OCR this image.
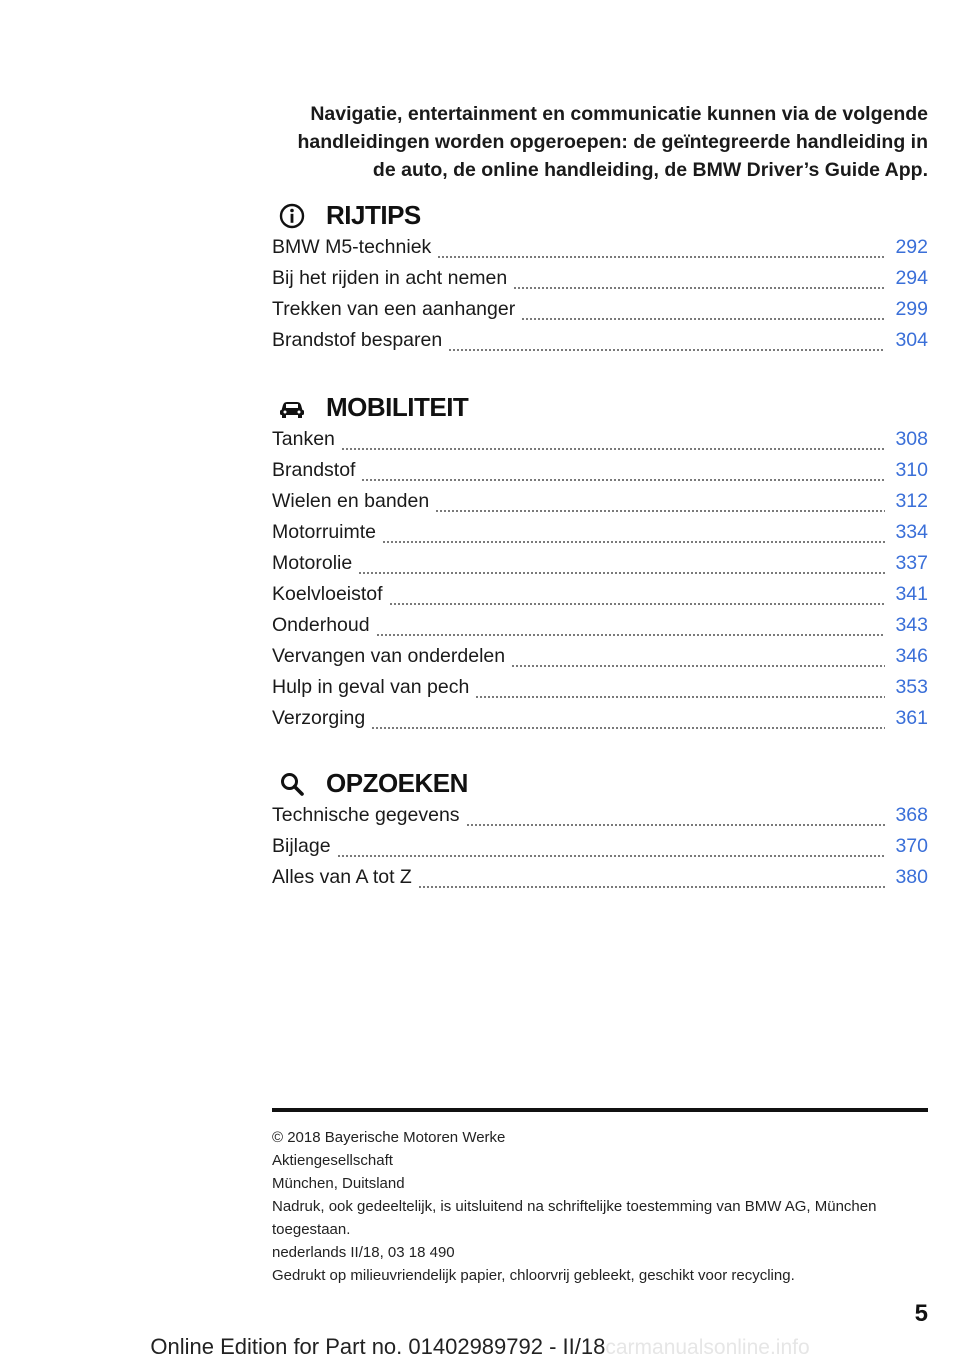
Navigatie, entertainment en communicatie kunnen via de volgende
handleidingen worden opgeroepen: de geïntegreerde handleiding in
de auto, de online handleiding, de BMW Driver’s Guide App.
RIJTIPS
BMW M5-techniek	292
Bij het rijden in acht nemen	294
Trekken van een aanhanger	299
Brandstof besparen	304
MOBILITEIT
Tanken	308
Brandstof	310
Wielen en banden	312
Motorruimte	334
Motorolie	337
Koelvloeistof	341
Onderhoud	343
Vervangen van onderdelen	346
Hulp in geval van pech	353
Verzorging	361
OPZOEKEN
Technische gegevens	368
Bijlage	370
Alles van A tot Z	380
© 2018 Bayerische Motoren Werke
Aktiengesellschaft
München, Duitsland
Nadruk, ook gedeeltelijk, is uitsluitend na schriftelijke toestemming van BMW AG, München
toegestaan.
nederlands II/18, 03 18 490
Gedrukt op milieuvriendelijk papier, chloorvrij gebleekt, geschikt voor recycling.
5
Online Edition for Part no. 01402989792 - II/18carmanualsonline.info
